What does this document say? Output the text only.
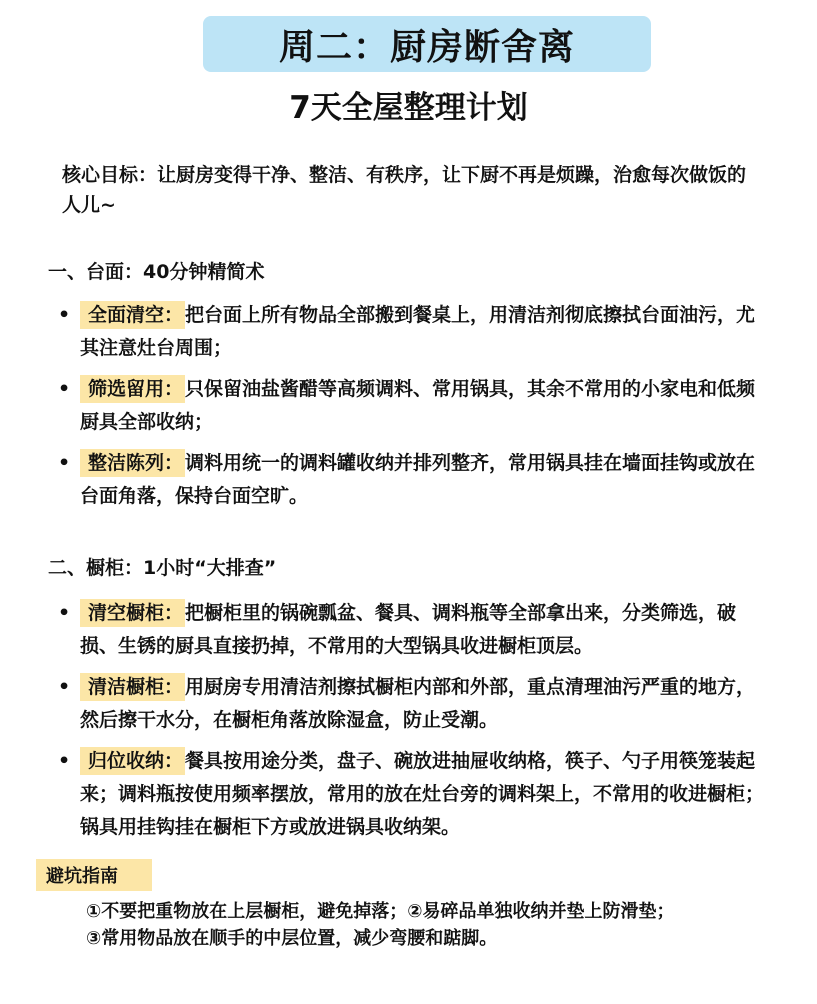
周二：厨房断舍离
7天全屋整理计划
核心目标：让厨房变得干净、整洁、有秩序，让下厨不再是烦躁，治愈每次做饭的人儿~
一、台面：40分钟精简术
• 全面清空： 把台面上所有物品全部搬到餐桌上，用清洁剂彻底擦拭台面油污，尤其注意灶台周围；
• 筛选留用： 只保留油盐酱醋等高频调料、常用锅具，其余不常用的小家电和低频厨具全部收纳；
• 整洁陈列： 调料用统一的调料罐收纳并排列整齐，常用锅具挂在墙面挂钩或放在台面角落，保持台面空旷。
二、橱柜：1小时“大排查”
• 清空橱柜： 把橱柜里的锅碗瓢盆、餐具、调料瓶等全部拿出来，分类筛选，破损、生锈的厨具直接扔掉，不常用的大型锅具收进橱柜顶层。
• 清洁橱柜： 用厨房专用清洁剂擦拭橱柜内部和外部，重点清理油污严重的地方，然后擦干水分，在橱柜角落放除湿盒，防止受潮。
• 归位收纳： 餐具按用途分类，盘子、碗放进抽屉收纳格，筷子、勺子用筷笼装起来；调料瓶按使用频率摆放，常用的放在灶台旁的调料架上，不常用的收进橱柜；锅具用挂钩挂在橱柜下方或放进锅具收纳架。
避坑指南
①不要把重物放在上层橱柜，避免掉落；②易碎品单独收纳并垫上防滑垫；
③常用物品放在顺手的中层位置，减少弯腰和踮脚。
